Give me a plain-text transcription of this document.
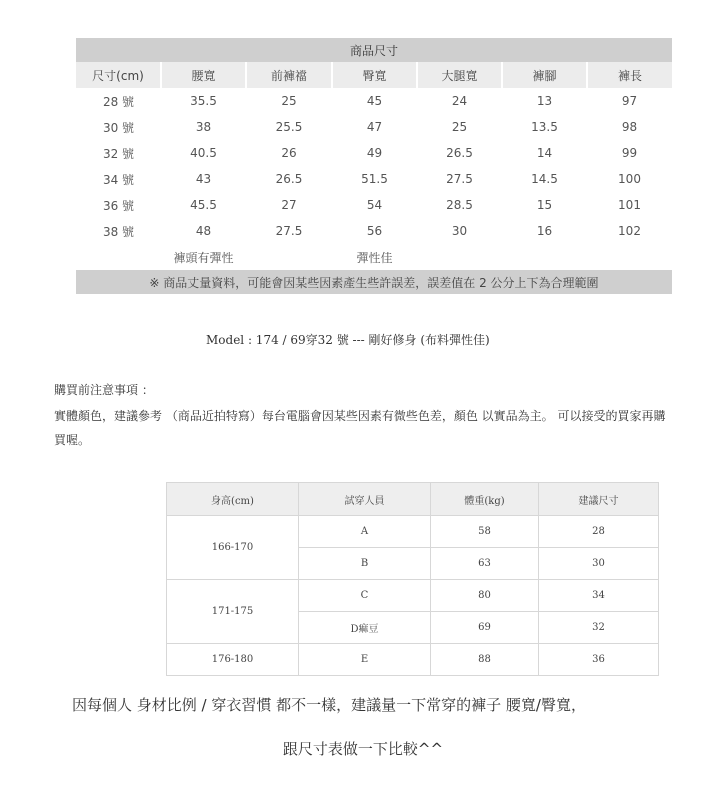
商品尺寸						
尺寸(cm)	腰寬	前褲襠	臀寬	大腿寬	褲腳	褲長
28 號	35.5	25	45	24	13	97
30 號	38	25.5	47	25	13.5	98
32 號	40.5	26	49	26.5	14	99
34 號	43	26.5	51.5	27.5	14.5	100
36 號	45.5	27	54	28.5	15	101
38 號	48	27.5	56	30	16	102
	褲頭有彈性		彈性佳			
※ 商品丈量資料，可能會因某些因素產生些許誤差，誤差值在 2 公分上下為合理範圍						
Model : 174 / 69穿32 號 --- 剛好修身 (布料彈性佳)
購買前注意事項 ：
實體顏色，建議參考 （商品近拍特寫）每台電腦會因某些因素有微些色差，顏色 以實品為主。 可以接受的買家再購買喔。
身高(cm)	試穿人員	體重(kg)	建議尺寸
166-170	A	58	28
	B	63	30
171-175	C	80	34
	D痲豆	69	32
176-180	E	88	36
因每個人 身材比例 / 穿衣習慣 都不一樣，建議量一下常穿的褲子 腰寬/臀寬，
跟尺寸表做一下比較^^
